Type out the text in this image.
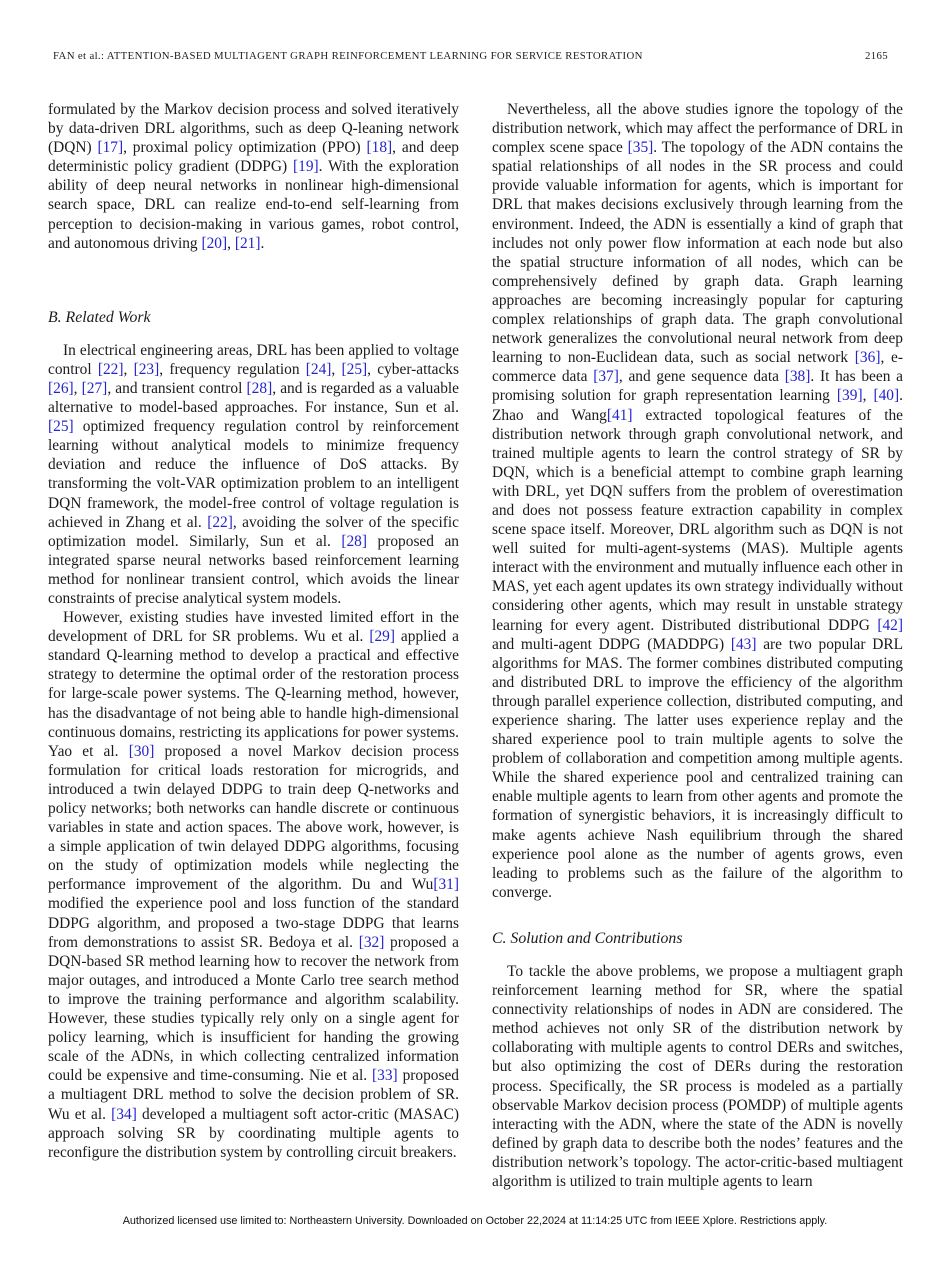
FAN et al.: ATTENTION-BASED MULTIAGENT GRAPH REINFORCEMENT LEARNING FOR SERVICE RESTORATION	2165

formulated by the Markov decision process and solved iteratively by data-driven DRL algorithms, such as deep Q-leaning network (DQN) [17], proximal policy optimization (PPO) [18], and deep deterministic policy gradient (DDPG) [19]. With the exploration ability of deep neural networks in nonlinear high-dimensional search space, DRL can realize end-to-end self-learning from perception to decision-making in various games, robot control, and autonomous driving [20], [21].

B. Related Work

In electrical engineering areas, DRL has been applied to voltage control [22], [23], frequency regulation [24], [25], cyber-attacks [26], [27], and transient control [28], and is regarded as a valuable alternative to model-based approaches. For instance, Sun et al. [25] optimized frequency regulation control by reinforcement learning without analytical models to minimize frequency deviation and reduce the influence of DoS attacks. By transforming the volt-VAR optimization problem to an intelligent DQN framework, the model-free control of voltage regulation is achieved in Zhang et al. [22], avoiding the solver of the specific optimization model. Similarly, Sun et al. [28] proposed an integrated sparse neural networks based reinforcement learning method for nonlinear transient control, which avoids the linear constraints of precise analytical system models.

However, existing studies have invested limited effort in the development of DRL for SR problems. Wu et al. [29] applied a standard Q-learning method to develop a practical and effective strategy to determine the optimal order of the restoration process for large-scale power systems. The Q-learning method, however, has the disadvantage of not being able to handle high-dimensional continuous domains, restricting its applications for power systems. Yao et al. [30] proposed a novel Markov decision process formulation for critical loads restoration for microgrids, and introduced a twin delayed DDPG to train deep Q-networks and policy networks; both networks can handle discrete or continuous variables in state and action spaces. The above work, however, is a simple application of twin delayed DDPG algorithms, focusing on the study of optimization models while neglecting the performance improvement of the algorithm. Du and Wu[31] modified the experience pool and loss function of the standard DDPG algorithm, and proposed a two-stage DDPG that learns from demonstrations to assist SR. Bedoya et al. [32] proposed a DQN-based SR method learning how to recover the network from major outages, and introduced a Monte Carlo tree search method to improve the training performance and algorithm scalability. However, these studies typically rely only on a single agent for policy learning, which is insufficient for handing the growing scale of the ADNs, in which collecting centralized information could be expensive and time-consuming. Nie et al. [33] proposed a multiagent DRL method to solve the decision problem of SR. Wu et al. [34] developed a multiagent soft actor-critic (MASAC) approach solving SR by coordinating multiple agents to reconfigure the distribution system by controlling circuit breakers.

Nevertheless, all the above studies ignore the topology of the distribution network, which may affect the performance of DRL in complex scene space [35]. The topology of the ADN contains the spatial relationships of all nodes in the SR process and could provide valuable information for agents, which is important for DRL that makes decisions exclusively through learning from the environment. Indeed, the ADN is essentially a kind of graph that includes not only power flow information at each node but also the spatial structure information of all nodes, which can be comprehensively defined by graph data. Graph learning approaches are becoming increasingly popular for capturing complex relationships of graph data. The graph convolutional network generalizes the convolutional neural network from deep learning to non-Euclidean data, such as social network [36], e-commerce data [37], and gene sequence data [38]. It has been a promising solution for graph representation learning [39], [40]. Zhao and Wang[41] extracted topological features of the distribution network through graph convolutional network, and trained multiple agents to learn the control strategy of SR by DQN, which is a beneficial attempt to combine graph learning with DRL, yet DQN suffers from the problem of overestimation and does not possess feature extraction capability in complex scene space itself. Moreover, DRL algorithm such as DQN is not well suited for multi-agent-systems (MAS). Multiple agents interact with the environment and mutually influence each other in MAS, yet each agent updates its own strategy individually without considering other agents, which may result in unstable strategy learning for every agent. Distributed distributional DDPG [42] and multi-agent DDPG (MADDPG) [43] are two popular DRL algorithms for MAS. The former combines distributed computing and distributed DRL to improve the efficiency of the algorithm through parallel experience collection, distributed computing, and experience sharing. The latter uses experience replay and the shared experience pool to train multiple agents to solve the problem of collaboration and competition among multiple agents. While the shared experience pool and centralized training can enable multiple agents to learn from other agents and promote the formation of synergistic behaviors, it is increasingly difficult to make agents achieve Nash equilibrium through the shared experience pool alone as the number of agents grows, even leading to problems such as the failure of the algorithm to converge.

C. Solution and Contributions

To tackle the above problems, we propose a multiagent graph reinforcement learning method for SR, where the spatial connectivity relationships of nodes in ADN are considered. The method achieves not only SR of the distribution network by collaborating with multiple agents to control DERs and switches, but also optimizing the cost of DERs during the restoration process. Specifically, the SR process is modeled as a partially observable Markov decision process (POMDP) of multiple agents interacting with the ADN, where the state of the ADN is novelly defined by graph data to describe both the nodes’ features and the distribution network’s topology. The actor-critic-based multiagent algorithm is utilized to train multiple agents to learn

Authorized licensed use limited to: Northeastern University. Downloaded on October 22,2024 at 11:14:25 UTC from IEEE Xplore. Restrictions apply.
